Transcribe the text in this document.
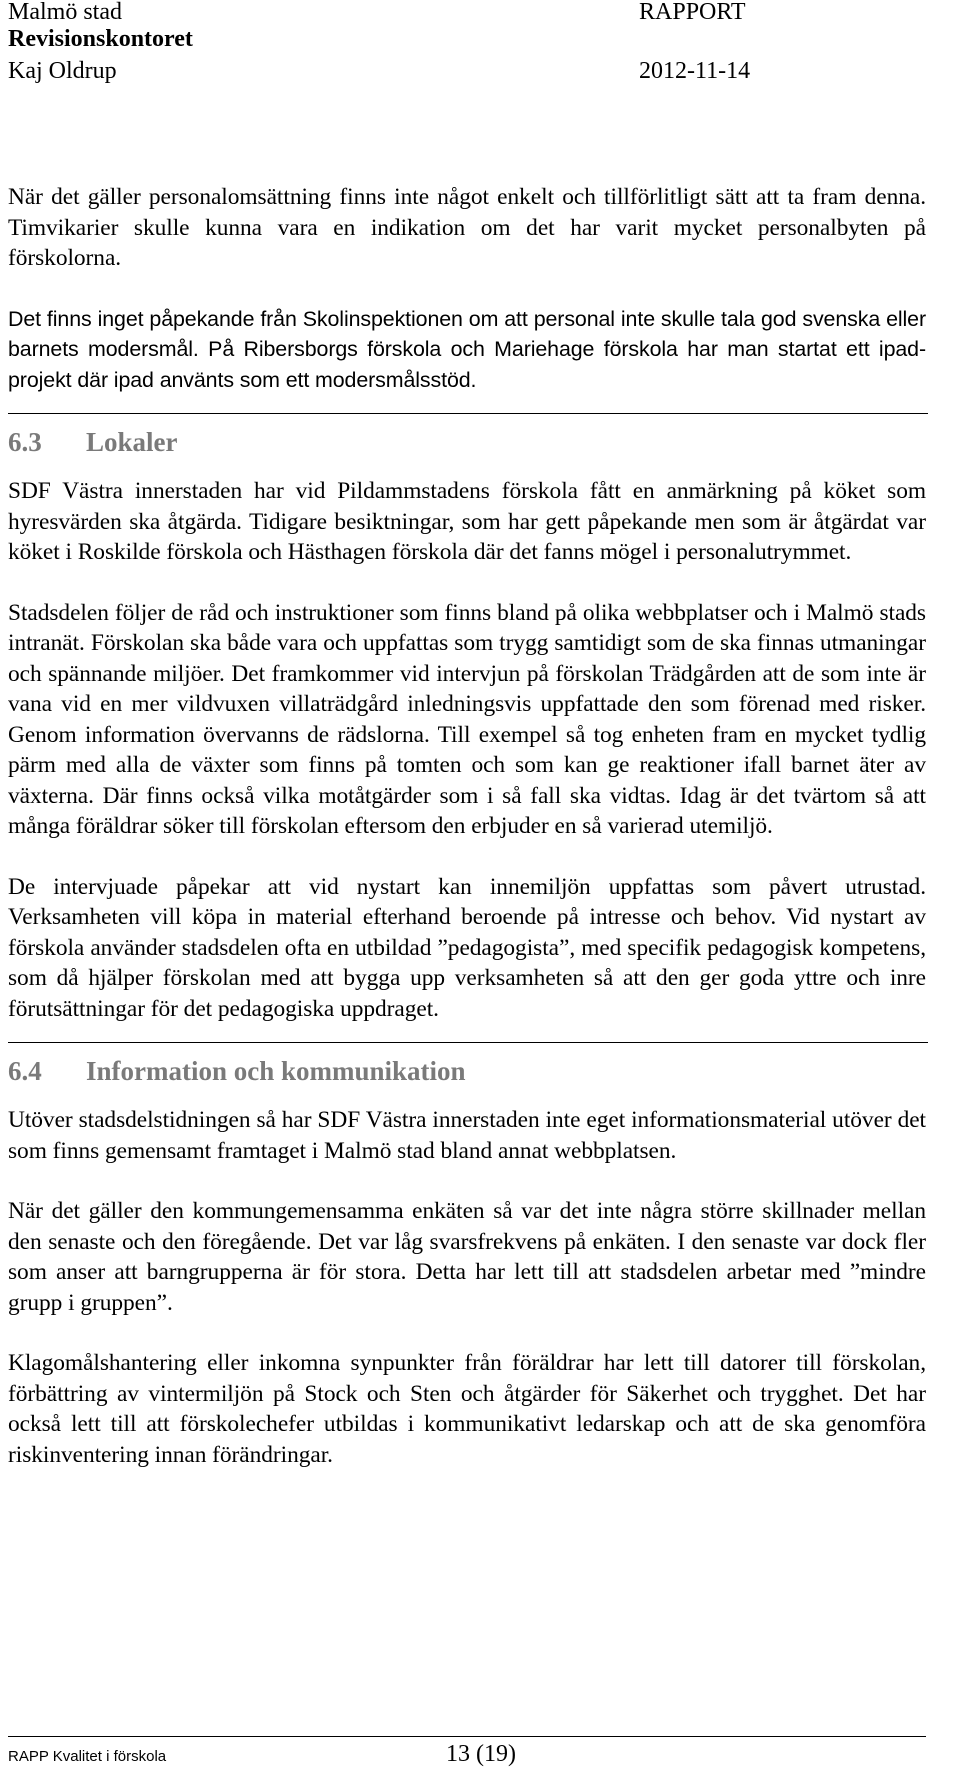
Malmö stad	RAPPORT
Revisionskontoret
Kaj Oldrup	2012-11-14

När det gäller personalomsättning finns inte något enkelt och tillförlitligt sätt att ta fram denna. Timvikarier skulle kunna vara en indikation om det har varit mycket personalbyten på förskolorna.

Det finns inget påpekande från Skolinspektionen om att personal inte skulle tala god svenska eller barnets modersmål. På Ribersborgs förskola och Mariehage förskola har man startat ett ipad-projekt där ipad använts som ett modersmålsstöd.

6.3 Lokaler

SDF Västra innerstaden har vid Pildammstadens förskola fått en anmärkning på köket som hyresvärden ska åtgärda. Tidigare besiktningar, som har gett påpekande men som är åtgärdat var köket i Roskilde förskola och Hästhagen förskola där det fanns mögel i personalutrymmet.

Stadsdelen följer de råd och instruktioner som finns bland på olika webbplatser och i Malmö stads intranät. Förskolan ska både vara och uppfattas som trygg samtidigt som de ska finnas utmaningar och spännande miljöer. Det framkommer vid intervjun på förskolan Trädgården att de som inte är vana vid en mer vildvuxen villaträdgård inledningsvis uppfattade den som förenad med risker. Genom information övervanns de rädslorna. Till exempel så tog enheten fram en mycket tydlig pärm med alla de växter som finns på tomten och som kan ge reaktioner ifall barnet äter av växterna. Där finns också vilka motåtgärder som i så fall ska vidtas. Idag är det tvärtom så att många föräldrar söker till förskolan eftersom den erbjuder en så varierad utemiljö.

De intervjuade påpekar att vid nystart kan innemiljön uppfattas som påvert utrustad. Verksamheten vill köpa in material efterhand beroende på intresse och behov. Vid nystart av förskola använder stadsdelen ofta en utbildad ”pedagogista”, med specifik pedagogisk kompetens, som då hjälper förskolan med att bygga upp verksamheten så att den ger goda yttre och inre förutsättningar för det pedagogiska uppdraget.

6.4 Information och kommunikation

Utöver stadsdelstidningen så har SDF Västra innerstaden inte eget informationsmaterial utöver det som finns gemensamt framtaget i Malmö stad bland annat webbplatsen.

När det gäller den kommungemensamma enkäten så var det inte några större skillnader mellan den senaste och den föregående. Det var låg svarsfrekvens på enkäten. I den senaste var dock fler som anser att barngrupperna är för stora. Detta har lett till att stadsdelen arbetar med ”mindre grupp i gruppen”.

Klagomålshantering eller inkomna synpunkter från föräldrar har lett till datorer till förskolan, förbättring av vintermiljön på Stock och Sten och åtgärder för Säkerhet och trygghet. Det har också lett till att förskolechefer utbildas i kommunikativt ledarskap och att de ska genomföra riskinventering innan förändringar.

RAPP Kvalitet i förskola	13 (19)
